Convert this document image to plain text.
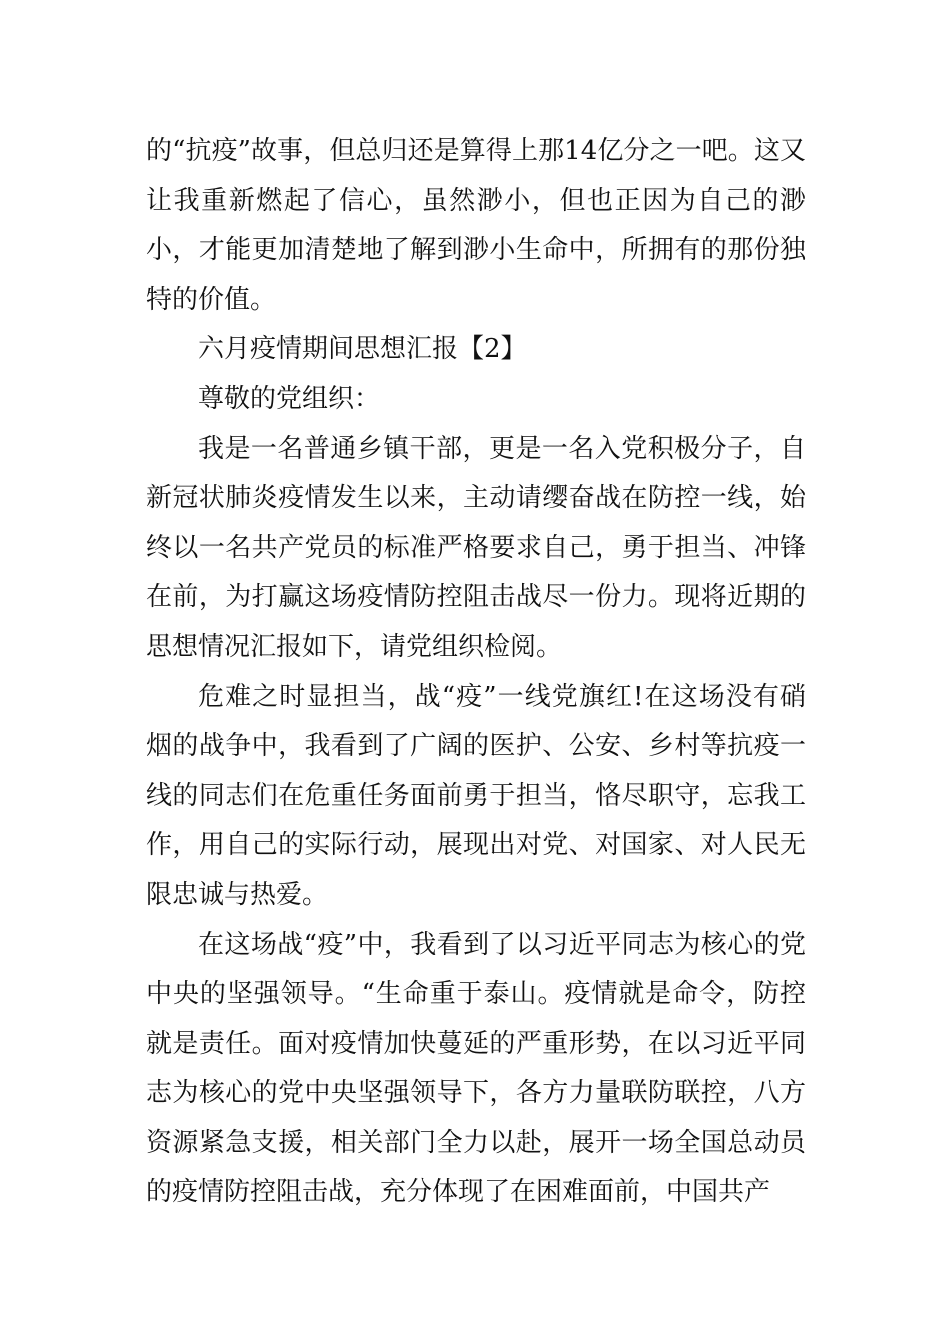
的“抗疫”故事，但总归还是算得上那14亿分之一吧。这又让我重新燃起了信心，虽然渺小，但也正因为自己的渺小，才能更加清楚地了解到渺小生命中，所拥有的那份独特的价值。

六月疫情期间思想汇报【2】

尊敬的党组织：

我是一名普通乡镇干部，更是一名入党积极分子，自新冠状肺炎疫情发生以来，主动请缨奋战在防控一线，始终以一名共产党员的标准严格要求自己，勇于担当、冲锋在前，为打赢这场疫情防控阻击战尽一份力。现将近期的思想情况汇报如下，请党组织检阅。

危难之时显担当，战“疫”一线党旗红!在这场没有硝烟的战争中，我看到了广阔的医护、公安、乡村等抗疫一线的同志们在危重任务面前勇于担当，恪尽职守，忘我工作，用自己的实际行动，展现出对党、对国家、对人民无限忠诚与热爱。

在这场战“疫”中，我看到了以习近平同志为核心的党中央的坚强领导。“生命重于泰山。疫情就是命令，防控就是责任。面对疫情加快蔓延的严重形势，在以习近平同志为核心的党中央坚强领导下，各方力量联防联控，八方资源紧急支援，相关部门全力以赴，展开一场全国总动员的疫情防控阻击战，充分体现了在困难面前，中国共产
